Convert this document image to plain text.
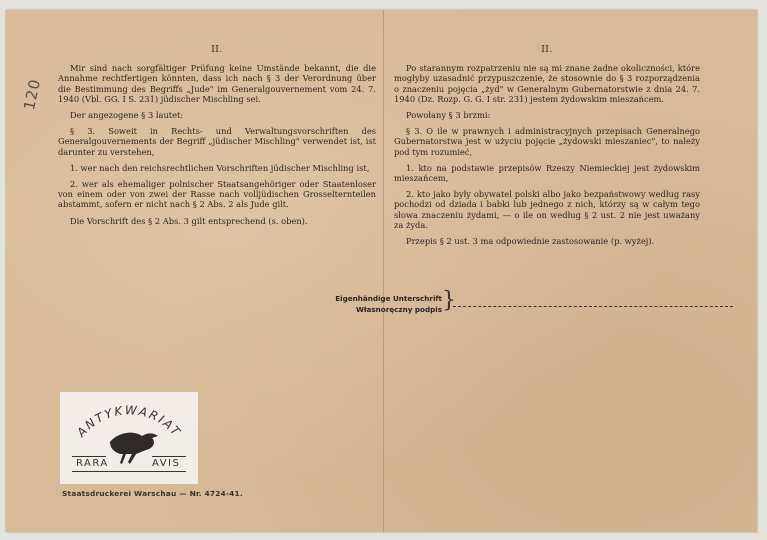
120
II.

Mir sind nach sorgfältiger Prüfung keine Umstände bekannt, die die Annahme rechtfertigen könnten, dass ich nach § 3 der Verordnung über die Bestimmung des Begriffs „Jude" im Generalgouvernement vom 24. 7. 1940 (Vbl. GG. I S. 231) jüdischer Mischling sei.

Der angezogene § 3 lautet:

§ 3. Soweit in Rechts- und Verwaltungsvorschriften des Generalgouvernements der Begriff „jüdischer Mischling" verwendet ist, ist darunter zu verstehen,

1. wer nach den reichsrechtlichen Vorschriften jüdischer Mischling ist,

2. wer als ehemaliger polnischer Staatsangehöriger oder Staatenloser von einem oder von zwei der Rasse nach volljüdischen Grosselternteilen abstammt, sofern er nicht nach § 2 Abs. 2 als Jude gilt.

Die Vorschrift des § 2 Abs. 3 gilt entsprechend (s. oben).

II.

Po starannym rozpatrzeniu nie są mi znane żadne okoliczności, które mogłyby uzasadnić przypuszczenie, że stosownie do § 3 rozporządzenia o znaczeniu pojęcia „żyd" w Generalnym Gubernatorstwie z dnia 24. 7. 1940 (Dz. Rozp. G. G. I str. 231) jestem żydowskim mieszańcem.

Powołany § 3 brzmi:

§ 3. O ile w prawnych i administracyjnych przepisach Generalnego Gubernatorstwa jest w użyciu pojęcie „żydowski mieszaniec", to należy pod tym rozumieć,

1. kto na podstawie przepisów Rzeszy Niemieckiej jest żydowskim mieszańcem,

2. kto jako były obywatel polski albo jako bezpaństwowy według rasy pochodzi od dziada i babki lub jednego z nich, którzy są w całym tego słowa znaczeniu żydami, — o ile on według § 2 ust. 2 nie jest uważany za żyda.

Przepis § 2 ust. 3 ma odpowiednie zastosowanie (p. wyżej).

Eigenhändige Unterschrift
Własnoręczny podpis }
ANTYKWARIAT
RARA	AVIS
Staatsdruckerei Warschau — Nr. 4724-41.
